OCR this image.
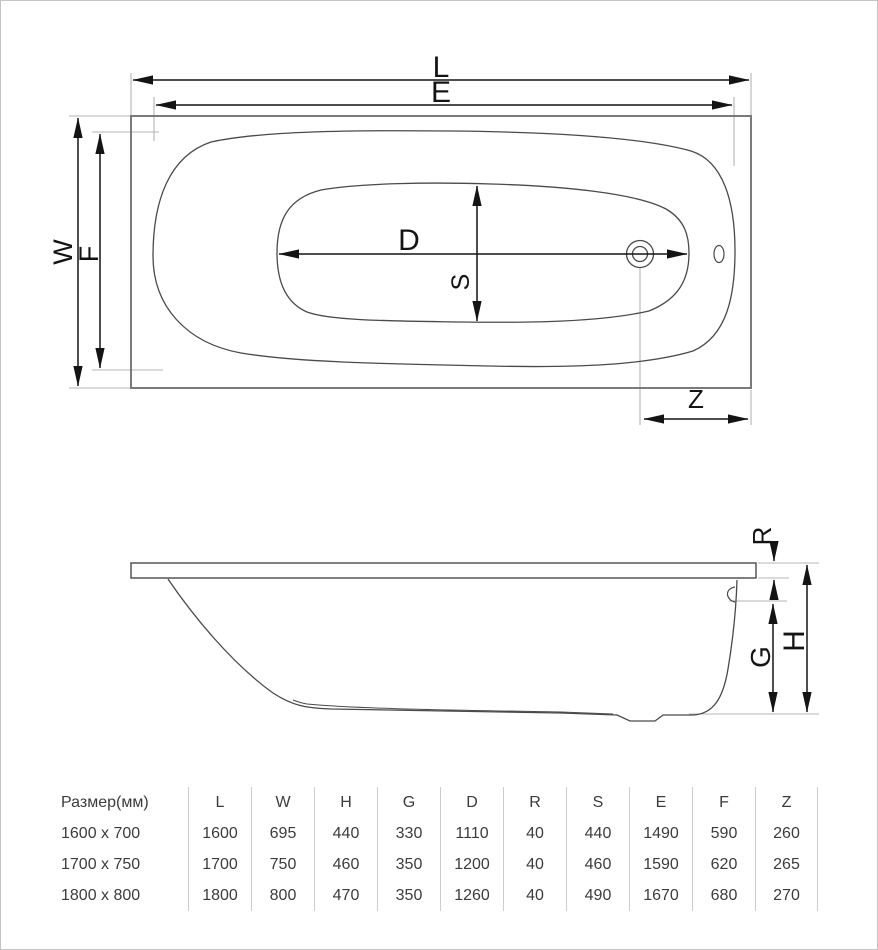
L
E
W
F	D
S
Z
R
G
H
Размер(мм)	L	W	H	G	D	R	S	E	F	Z
1600 x 700	1600	695	440	330	1110	40	440	1490	590	260
1700 x 750	1700	750	460	350	1200	40	460	1590	620	265
1800 x 800	1800	800	470	350	1260	40	490	1670	680	270
